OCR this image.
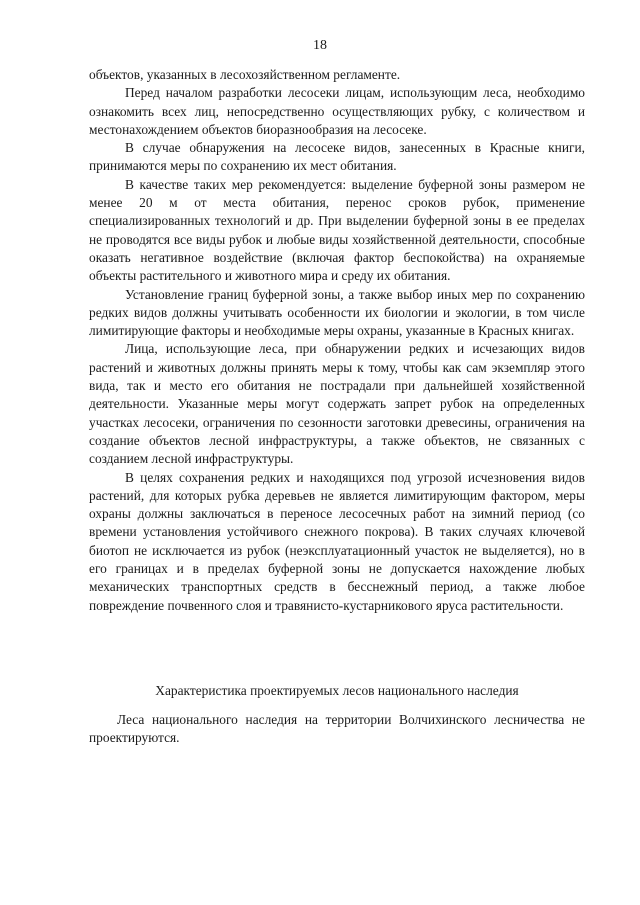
18

объектов, указанных в лесохозяйственном регламенте.

Перед началом разработки лесосеки лицам, использующим леса, необходимо ознакомить всех лиц, непосредственно осуществляющих рубку, с количеством и местонахождением объектов биоразнообразия на лесосеке.

В случае обнаружения на лесосеке видов, занесенных в Красные книги, принимаются меры по сохранению их мест обитания.

В качестве таких мер рекомендуется: выделение буферной зоны размером не менее 20 м от места обитания, перенос сроков рубок, применение специализированных технологий и др. При выделении буферной зоны в ее пределах не проводятся все виды рубок и любые виды хозяйственной деятельности, способные оказать негативное воздействие (включая фактор беспокойства) на охраняемые объекты растительного и животного мира и среду их обитания.

Установление границ буферной зоны, а также выбор иных мер по сохранению редких видов должны учитывать особенности их биологии и экологии, в том числе лимитирующие факторы и необходимые меры охраны, указанные в Красных книгах.

Лица, использующие леса, при обнаружении редких и исчезающих видов растений и животных должны принять меры к тому, чтобы как сам экземпляр этого вида, так и место его обитания не пострадали при дальнейшей хозяйственной деятельности. Указанные меры могут содержать запрет рубок на определенных участках лесосеки, ограничения по сезонности заготовки древесины, ограничения на создание объектов лесной инфраструктуры, а также объектов, не связанных с созданием лесной инфраструктуры.

В целях сохранения редких и находящихся под угрозой исчезновения видов растений, для которых рубка деревьев не является лимитирующим фактором, меры охраны должны заключаться в переносе лесосечных работ на зимний период (со времени установления устойчивого снежного покрова). В таких случаях ключевой биотоп не исключается из рубок (неэксплуатационный участок не выделяется), но в его границах и в пределах буферной зоны не допускается нахождение любых механических транспортных средств в бесснежный период, а также любое повреждение почвенного слоя и травянисто-кустарникового яруса растительности.

Характеристика проектируемых лесов национального наследия

Леса национального наследия на территории Волчихинского лесничества не проектируются.
